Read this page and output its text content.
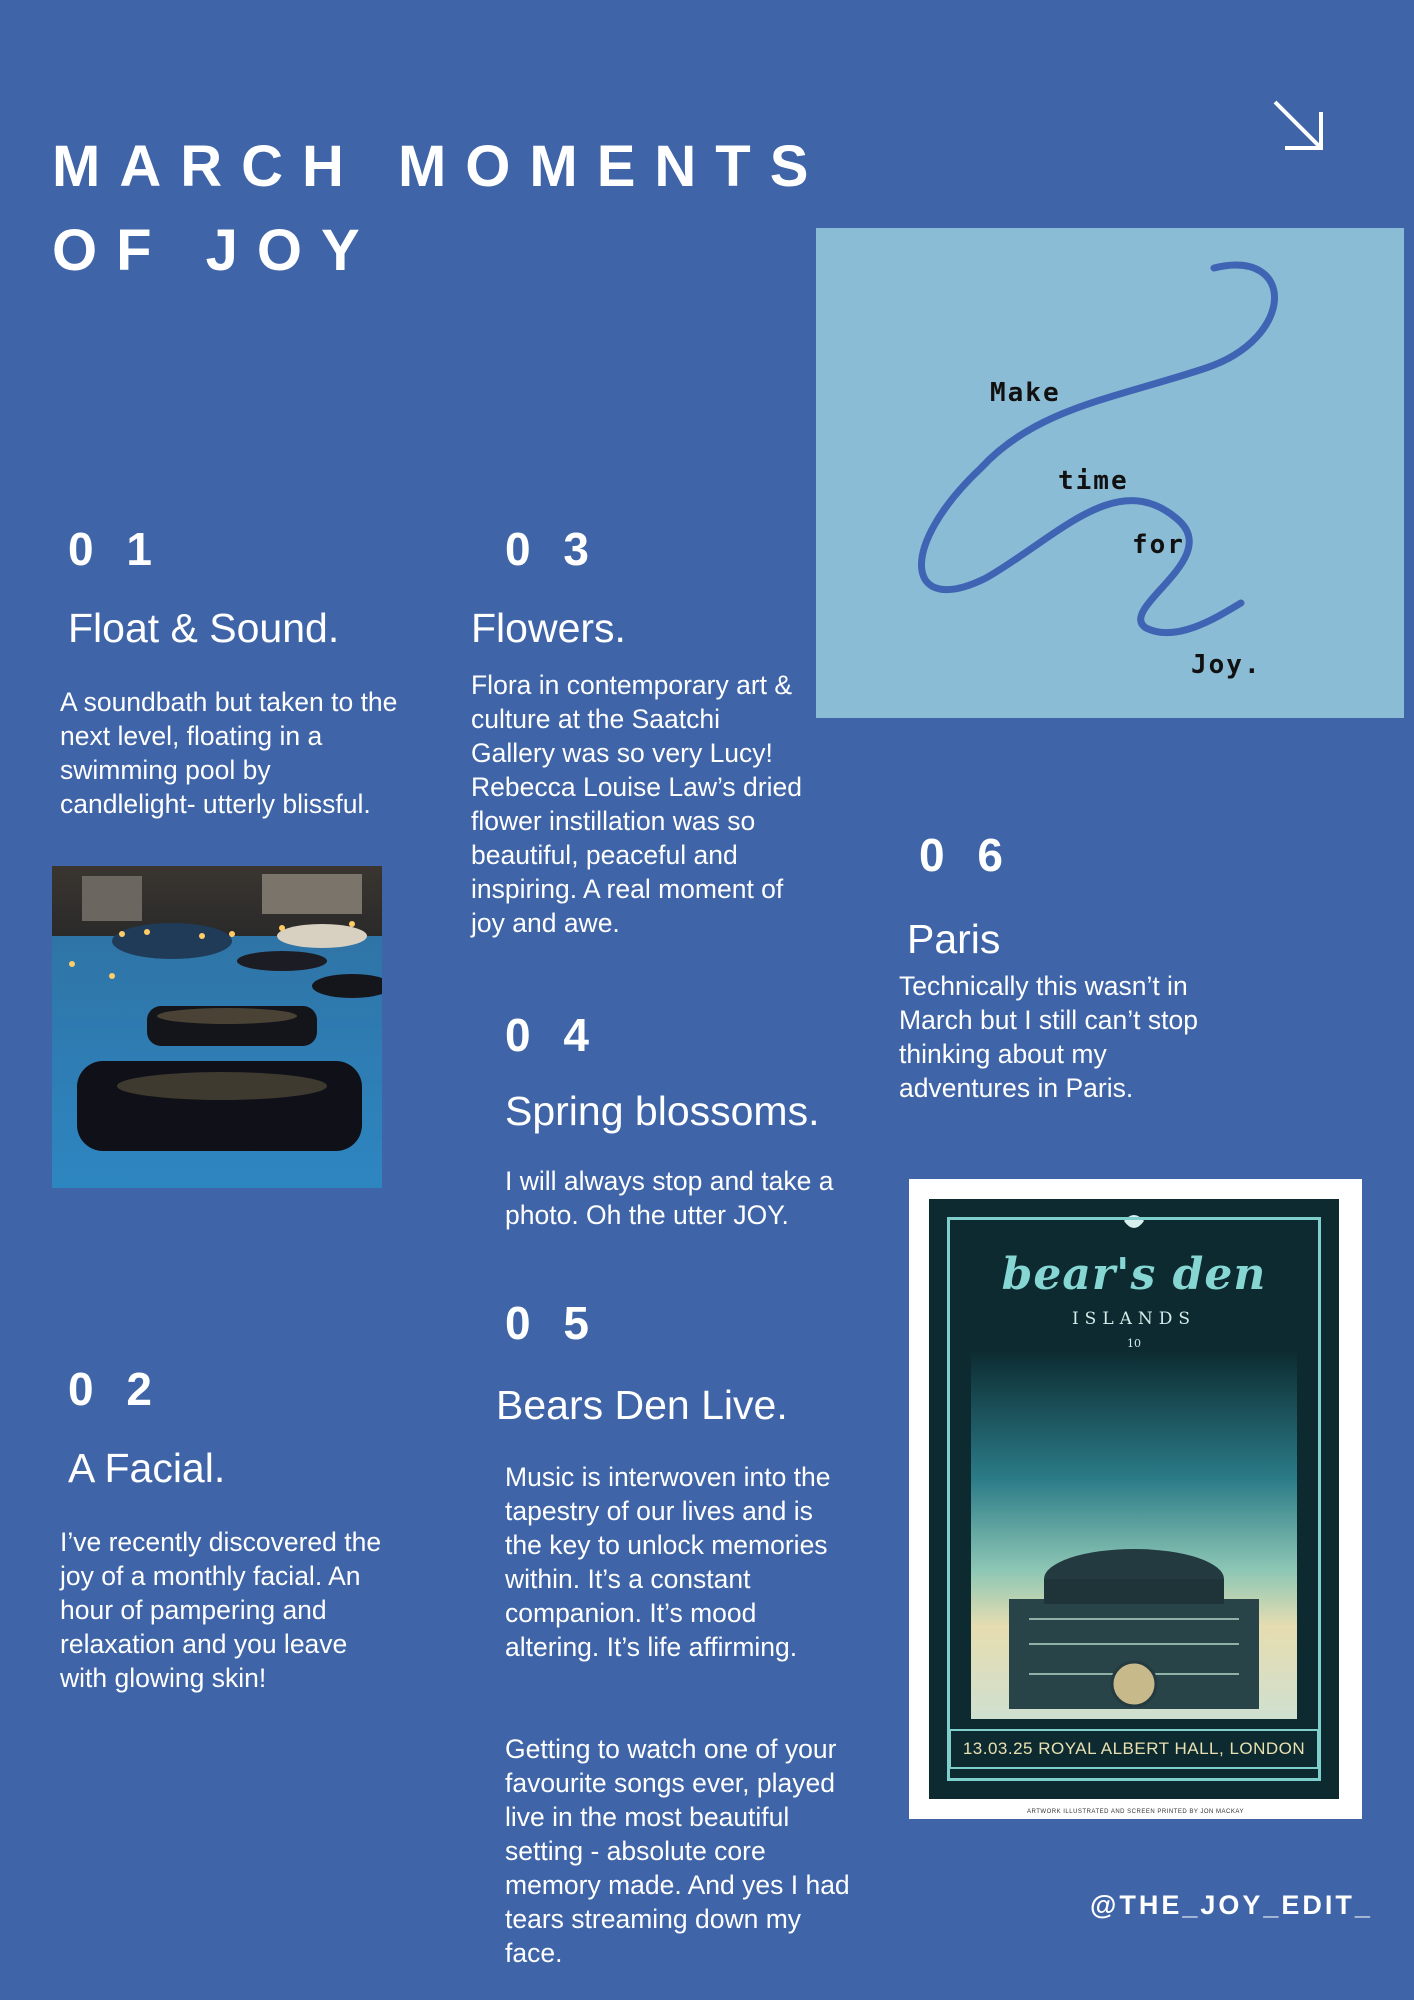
MARCH MOMENTS
OF JOY
Make
time
for
Joy.
0 1
Float & Sound.
A soundbath but taken to the next level, floating in a swimming pool by candlelight- utterly blissful.
0 2
A Facial.
I’ve recently discovered the joy of a monthly facial. An hour of pampering and relaxation and you leave with glowing skin!
0 3
Flowers.
Flora in contemporary art & culture at the Saatchi Gallery was so very Lucy! Rebecca Louise Law’s dried flower instillation was so beautiful, peaceful and inspiring. A real moment of joy and awe.
0 4
Spring blossoms.
I will always stop and take a photo. Oh the utter JOY.
0 5
Bears Den Live.
Music is interwoven into the tapestry of our lives and is the key to unlock memories within. It’s a constant companion. It’s mood altering. It’s life affirming.
Getting to watch one of your favourite songs ever, played live in the most beautiful setting - absolute core memory made. And yes I had tears streaming down my face.
0 6
Paris
Technically this wasn’t in March but I still can’t stop thinking about my adventures in Paris.
bear's den
ISLANDS
10
13.03.25 ROYAL ALBERT HALL, LONDON
ARTWORK ILLUSTRATED AND SCREEN PRINTED BY JON MACKAY
@THE_JOY_EDIT_
